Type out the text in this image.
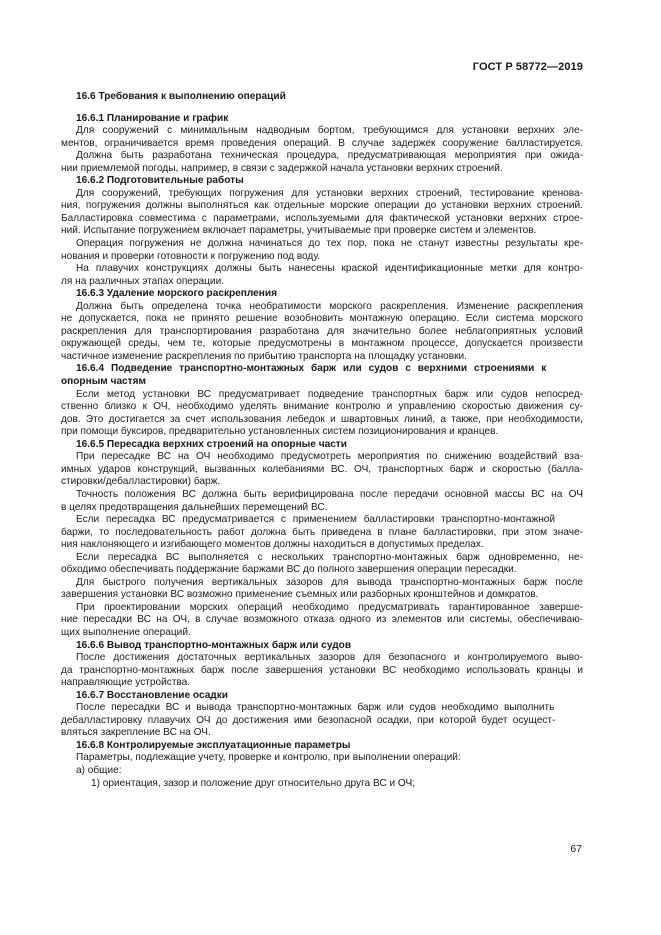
ГОСТ Р 58772—2019
16.6 Требования к выполнению операций
16.6.1 Планирование и график
Для сооружений с минимальным надводным бортом, требующимся для установки верхних эле-
ментов, ограничивается время проведения операций. В случае задержек сооружение балластируется.
Должна быть разработана техническая процедура, предусматривающая мероприятия при ожида-
нии приемлемой погоды, например, в связи с задержкой начала установки верхних строений.
16.6.2 Подготовительные работы
Для сооружений, требующих погружения для установки верхних строений, тестирование кренова-
ния, погружения должны выполняться как отдельные морские операции до установки верхних строений.
Балластировка совместима с параметрами, используемыми для фактической установки верхних строе-
ний. Испытание погружением включает параметры, учитываемые при проверке систем и элементов.
Операция погружения не должна начинаться до тех пор, пока не станут известны результаты кре-
нования и проверки готовности к погружению под воду.
На плавучих конструкциях должны быть нанесены краской идентификационные метки для контро-
ля на различных этапах операции.
16.6.3 Удаление морского раскрепления
Должна быть определена точка необратимости морского раскрепления. Изменение раскрепления
не допускается, пока не принято решение возобновить монтажную операцию. Если система морского
раскрепления для транспортирования разработана для значительно более неблагоприятных условий
окружающей среды, чем те, которые предусмотрены в монтажном процессе, допускается произвести
частичное изменение раскрепления по прибытию транспорта на площадку установки.
16.6.4 Подведение транспортно-монтажных барж или судов с верхними строениями к
опорным частям
Если метод установки ВС предусматривает подведение транспортных барж или судов непосред-
ственно близко к ОЧ, необходимо уделять внимание контролю и управлению скоростью движения су-
дов. Это достигается за счет использования лебедок и швартовных линий, а также, при необходимости,
при помощи буксиров, предварительно установленных систем позиционирования и кранцев.
16.6.5 Пересадка верхних строений на опорные части
При пересадке ВС на ОЧ необходимо предусмотреть мероприятия по снижению воздействий вза-
имных ударов конструкций, вызванных колебаниями ВС. ОЧ, транспортных барж и скоростью (балла-
стировки/дебалластировки) барж.
Точность положения ВС должна быть верифицирована после передачи основной массы ВС на ОЧ
в целях предотвращения дальнейших перемещений ВС.
Если пересадка ВС предусматривается с применением балластировки транспортно-монтажной
баржи, то последовательность работ должна быть приведена в плане балластировки, при этом значе-
ния наклоняющего и изгибающего моментов должны находиться в допустимых пределах.
Если пересадка ВС выполняется с нескольких транспортно-монтажных барж одновременно, не-
обходимо обеспечивать поддержание баржами ВС до полного завершения операции пересадки.
Для быстрого получения вертикальных зазоров для вывода транспортно-монтажных барж после
завершения установки ВС возможно применение съемных или разборных кронштейнов и домкратов.
При проектировании морских операций необходимо предусматривать гарантированное заверше-
ние пересадки ВС на ОЧ, в случае возможного отказа одного из элементов или системы, обеспечиваю-
щих выполнение операций.
16.6.6 Вывод транспортно-монтажных барж или судов
После достижения достаточных вертикальных зазоров для безопасного и контролируемого выво-
да транспортно-монтажных барж после завершения установки ВС необходимо использовать кранцы и
направляющие устройства.
16.6.7 Восстановление осадки
После пересадки ВС и вывода транспортно-монтажных барж или судов необходимо выполнить
дебалластировку плавучих ОЧ до достижения ими безопасной осадки, при которой будет осущест-
вляться закрепление ВС на ОЧ.
16.6.8 Контролируемые эксплуатационные параметры
Параметры, подлежащие учету, проверке и контролю, при выполнении операций:
а) общие:
1) ориентация, зазор и положение друг относительно друга ВС и ОЧ;
67
